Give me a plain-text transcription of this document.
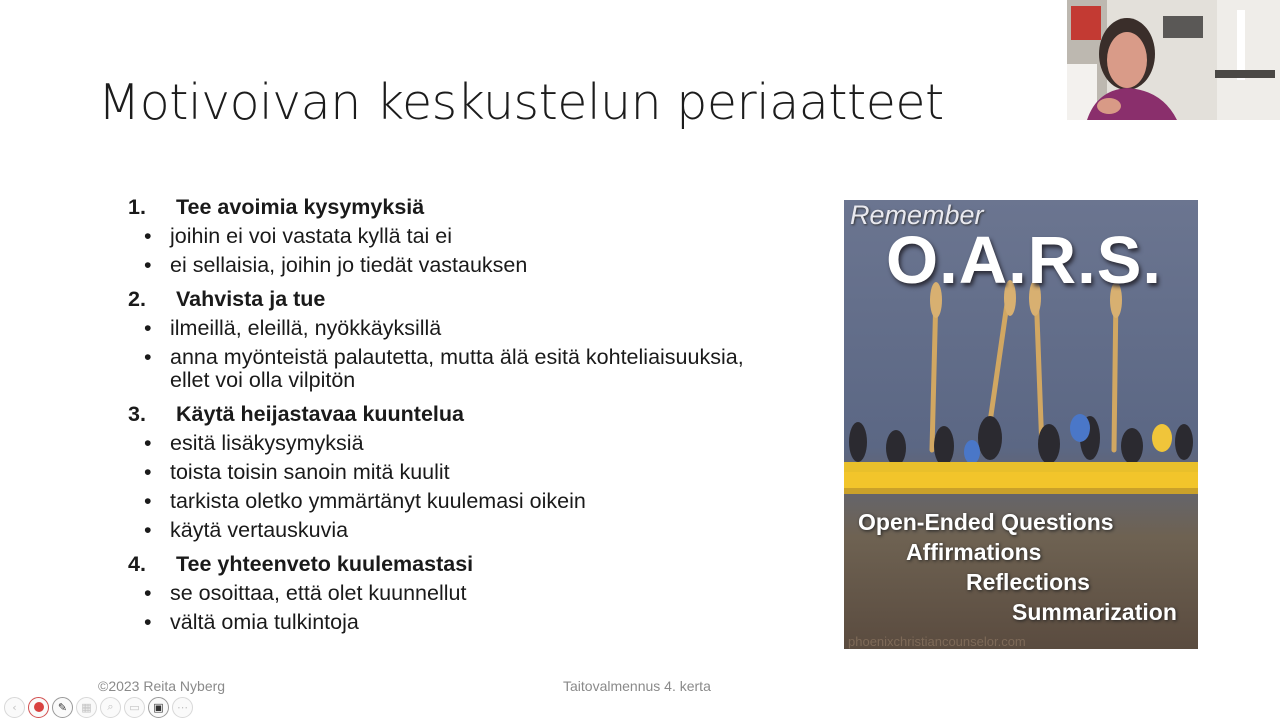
Motivoivan keskustelun periaatteet
1.	Tee avoimia kysymyksiä
• joihin ei voi vastata kyllä tai ei
• ei sellaisia, joihin jo tiedät vastauksen
2.	Vahvista ja tue
• ilmeillä, eleillä, nyökkäyksillä
• anna myönteistä palautetta, mutta älä esitä kohteliaisuuksia, ellet voi olla vilpitön
3.	Käytä heijastavaa kuuntelua
• esitä lisäkysymyksiä
• toista toisin sanoin mitä kuulit
• tarkista oletko ymmärtänyt kuulemasi oikein
• käytä vertauskuvia
4.	Tee yhteenveto kuulemastasi
• se osoittaa, että olet kuunnellut
• vältä omia tulkintoja
Remember
O.A.R.S.
Open-Ended Questions
Affirmations
Reflections
Summarization
phoenixchristiancounselor.com
©2023 Reita Nyberg	Taitovalmennus 4. kerta
‹	✎ ▦ ⌕ ▭ ▣ ⋯
